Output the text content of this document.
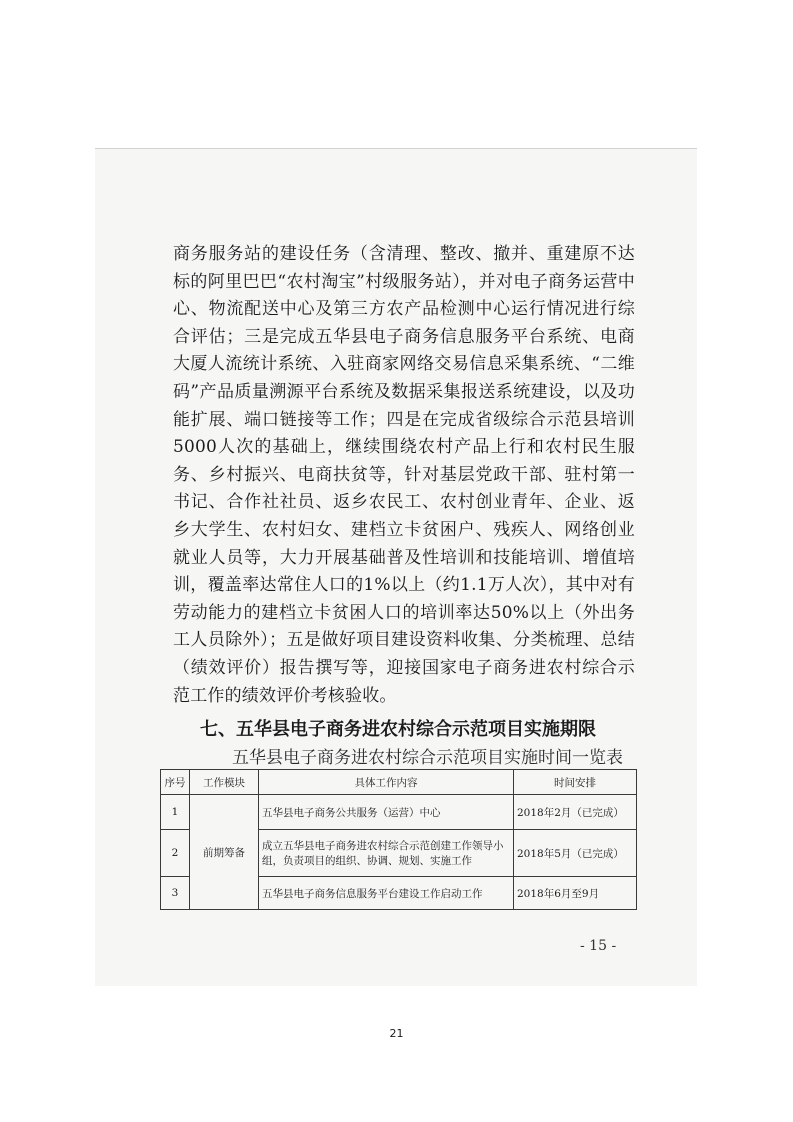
商务服务站的建设任务（含清理、整改、撤并、重建原不达标的阿里巴巴“农村淘宝”村级服务站），并对电子商务运营中心、物流配送中心及第三方农产品检测中心运行情况进行综合评估；三是完成五华县电子商务信息服务平台系统、电商大厦人流统计系统、入驻商家网络交易信息采集系统、“二维码”产品质量溯源平台系统及数据采集报送系统建设，以及功能扩展、端口链接等工作；四是在完成省级综合示范县培训5000人次的基础上，继续围绕农村产品上行和农村民生服务、乡村振兴、电商扶贫等，针对基层党政干部、驻村第一书记、合作社社员、返乡农民工、农村创业青年、企业、返乡大学生、农村妇女、建档立卡贫困户、残疾人、网络创业就业人员等，大力开展基础普及性培训和技能培训、增值培训，覆盖率达常住人口的1%以上（约1.1万人次），其中对有劳动能力的建档立卡贫困人口的培训率达50%以上（外出务工人员除外）；五是做好项目建设资料收集、分类梳理、总结（绩效评价）报告撰写等，迎接国家电子商务进农村综合示范工作的绩效评价考核验收。

七、五华县电子商务进农村综合示范项目实施期限

五华县电子商务进农村综合示范项目实施时间一览表

序号	工作模块	具体工作内容	时间安排
1	前期筹备	五华县电子商务公共服务（运营）中心	2018年2月（已完成）
2		成立五华县电子商务进农村综合示范创建工作领导小组，负责项目的组织、协调、规划、实施工作	2018年5月（已完成）
3		五华县电子商务信息服务平台建设工作启动工作	2018年6月至9月
- 15 -
21
